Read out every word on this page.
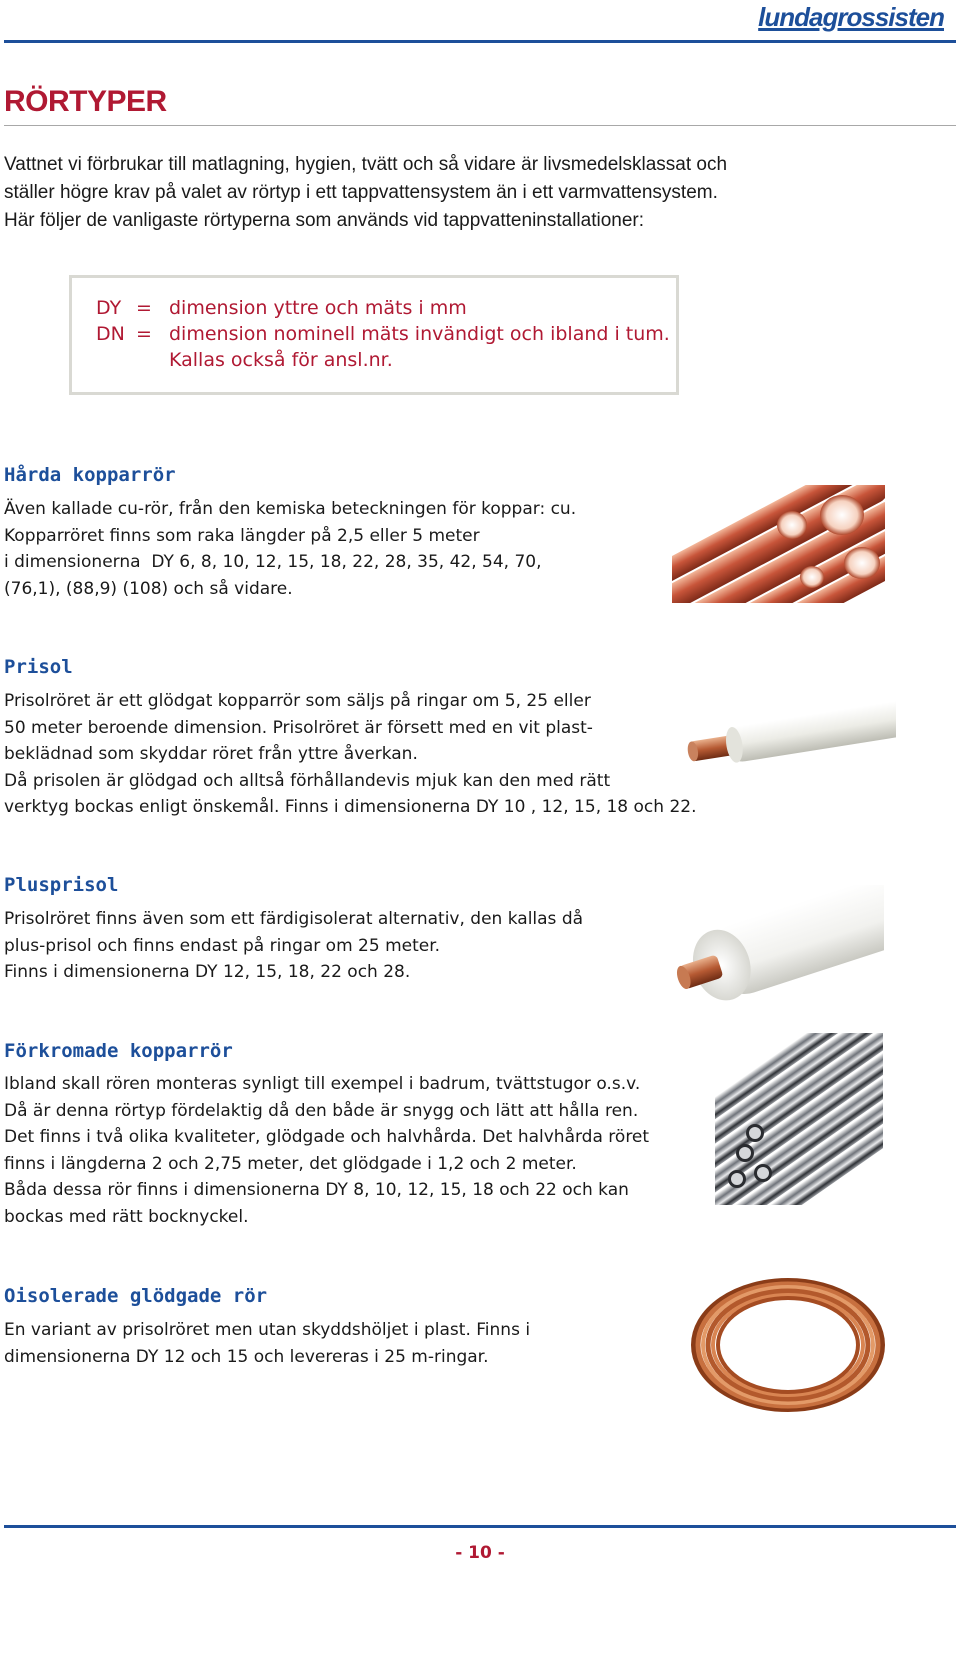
lundagrossisten
RÖRTYPER

Vattnet vi förbrukar till matlagning, hygien, tvätt och så vidare är livsmedelsklassat och
ställer högre krav på valet av rörtyp i ett tappvattensystem än i ett varmvattensystem.
Här följer de vanligaste rörtyperna som används vid tappvatteninstallationer:

DY = dimension yttre och mäts i mm
DN = dimension nominell mäts invändigt och ibland i tum.
Kallas också för ansl.nr.
Hårda kopparrör

Även kallade cu-rör, från den kemiska beteckningen för koppar: cu.
Kopparröret finns som raka längder på 2,5 eller 5 meter
i dimensionerna  DY 6, 8, 10, 12, 15, 18, 22, 28, 35, 42, 54, 70,
(76,1), (88,9) (108) och så vidare.

Prisol

Prisolröret är ett glödgat kopparrör som säljs på ringar om 5, 25 eller
50 meter beroende dimension. Prisolröret är försett med en vit plast-
beklädnad som skyddar röret från yttre åverkan.
Då prisolen är glödgad och alltså förhållandevis mjuk kan den med rätt
verktyg bockas enligt önskemål. Finns i dimensionerna DY 10 , 12, 15, 18 och 22.

Plusprisol

Prisolröret finns även som ett färdigisolerat alternativ, den kallas då
plus-prisol och finns endast på ringar om 25 meter.
Finns i dimensionerna DY 12, 15, 18, 22 och 28.

Förkromade kopparrör

Ibland skall rören monteras synligt till exempel i badrum, tvättstugor o.s.v.
Då är denna rörtyp fördelaktig då den både är snygg och lätt att hålla ren.
Det finns i två olika kvaliteter, glödgade och halvhårda. Det halvhårda röret
finns i längderna 2 och 2,75 meter, det glödgade i 1,2 och 2 meter.
Båda dessa rör finns i dimensionerna DY 8, 10, 12, 15, 18 och 22 och kan
bockas med rätt bocknyckel.

Oisolerade glödgade rör

En variant av prisolröret men utan skyddshöljet i plast. Finns i
dimensionerna DY 12 och 15 och levereras i 25 m-ringar.

- 10 -
